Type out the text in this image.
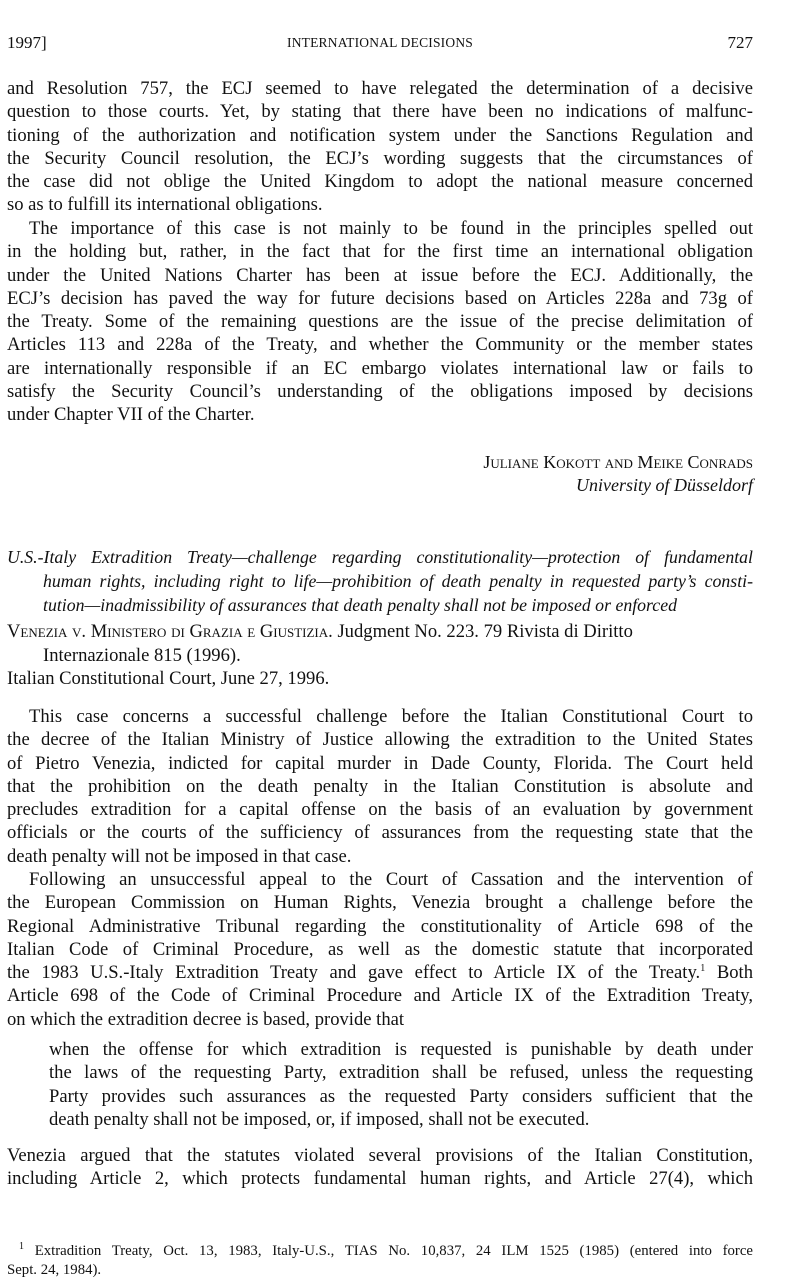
1997]	INTERNATIONAL DECISIONS	727
and Resolution 757, the ECJ seemed to have relegated the determination of a decisive
question to those courts. Yet, by stating that there have been no indications of malfunc-
tioning of the authorization and notification system under the Sanctions Regulation and
the Security Council resolution, the ECJ’s wording suggests that the circumstances of
the case did not oblige the United Kingdom to adopt the national measure concerned
so as to fulfill its international obligations.
The importance of this case is not mainly to be found in the principles spelled out
in the holding but, rather, in the fact that for the first time an international obligation
under the United Nations Charter has been at issue before the ECJ. Additionally, the
ECJ’s decision has paved the way for future decisions based on Articles 228a and 73g of
the Treaty. Some of the remaining questions are the issue of the precise delimitation of
Articles 113 and 228a of the Treaty, and whether the Community or the member states
are internationally responsible if an EC embargo violates international law or fails to
satisfy the Security Council’s understanding of the obligations imposed by decisions
under Chapter VII of the Charter.
Juliane Kokott and Meike Conrads
University of Düsseldorf
U.S.-Italy Extradition Treaty—challenge regarding constitutionality—protection of fundamental
human rights, including right to life—prohibition of death penalty in requested party’s consti-
tution—inadmissibility of assurances that death penalty shall not be imposed or enforced
Venezia v. Ministero di Grazia e Giustizia. Judgment No. 223. 79 Rivista di Diritto
Internazionale 815 (1996).
Italian Constitutional Court, June 27, 1996.
This case concerns a successful challenge before the Italian Constitutional Court to
the decree of the Italian Ministry of Justice allowing the extradition to the United States
of Pietro Venezia, indicted for capital murder in Dade County, Florida. The Court held
that the prohibition on the death penalty in the Italian Constitution is absolute and
precludes extradition for a capital offense on the basis of an evaluation by government
officials or the courts of the sufficiency of assurances from the requesting state that the
death penalty will not be imposed in that case.
Following an unsuccessful appeal to the Court of Cassation and the intervention of
the European Commission on Human Rights, Venezia brought a challenge before the
Regional Administrative Tribunal regarding the constitutionality of Article 698 of the
Italian Code of Criminal Procedure, as well as the domestic statute that incorporated
the 1983 U.S.-Italy Extradition Treaty and gave effect to Article IX of the Treaty.$^1$ Both
Article 698 of the Code of Criminal Procedure and Article IX of the Extradition Treaty,
on which the extradition decree is based, provide that
when the offense for which extradition is requested is punishable by death under
the laws of the requesting Party, extradition shall be refused, unless the requesting
Party provides such assurances as the requested Party considers sufficient that the
death penalty shall not be imposed, or, if imposed, shall not be executed.
Venezia argued that the statutes violated several provisions of the Italian Constitution,
including Article 2, which protects fundamental human rights, and Article 27(4), which
$^1$ Extradition Treaty, Oct. 13, 1983, Italy-U.S., TIAS No. 10,837, 24 ILM 1525 (1985) (entered into force
Sept. 24, 1984).
